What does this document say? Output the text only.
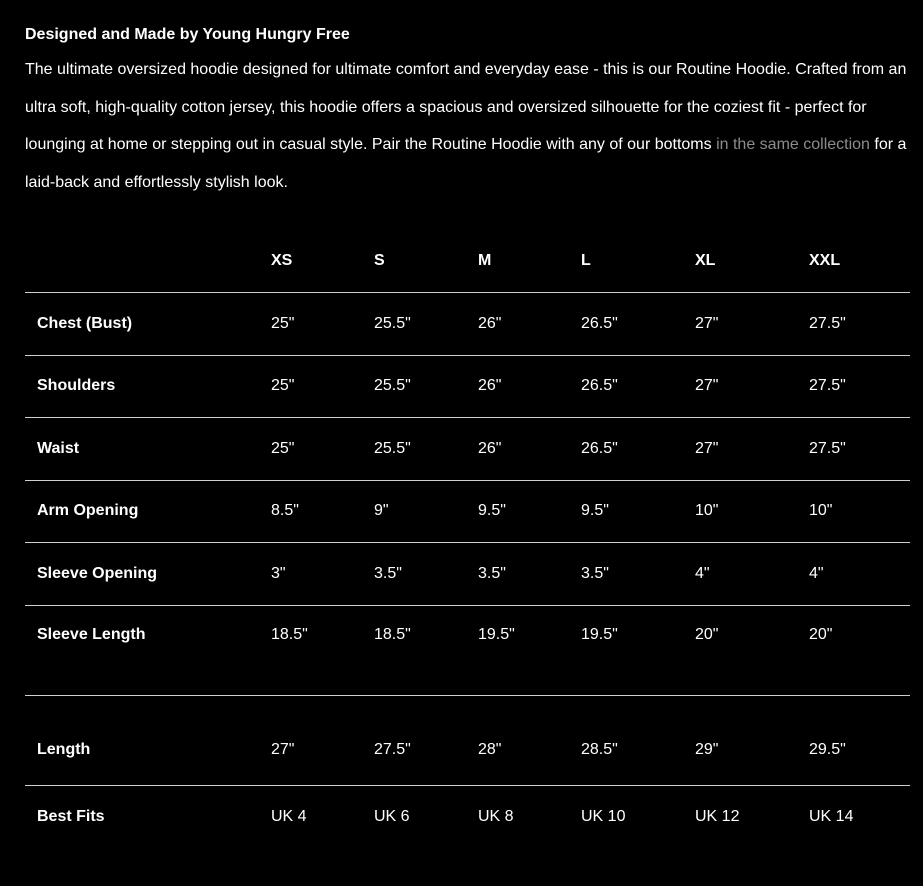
Designed and Made by Young Hungry Free

The ultimate oversized hoodie designed for ultimate comfort and everyday ease - this is our Routine Hoodie. Crafted from an ultra soft, high-quality cotton jersey, this hoodie offers a spacious and oversized silhouette for the coziest fit - perfect for lounging at home or stepping out in casual style. Pair the Routine Hoodie with any of our bottoms in the same collection for a laid-back and effortlessly stylish look.

	XS	S	M	L	XL	XXL
Chest (Bust)	25"	25.5"	26"	26.5"	27"	27.5"
Shoulders	25"	25.5"	26"	26.5"	27"	27.5"
Waist	25"	25.5"	26"	26.5"	27"	27.5"
Arm Opening	8.5"	9"	9.5"	9.5"	10"	10"
Sleeve Opening	3"	3.5"	3.5"	3.5"	4"	4"
Sleeve Length	18.5"	18.5"	19.5"	19.5"	20"	20"
Length	27"	27.5"	28"	28.5"	29"	29.5"
Best Fits	UK 4	UK 6	UK 8	UK 10	UK 12	UK 14
